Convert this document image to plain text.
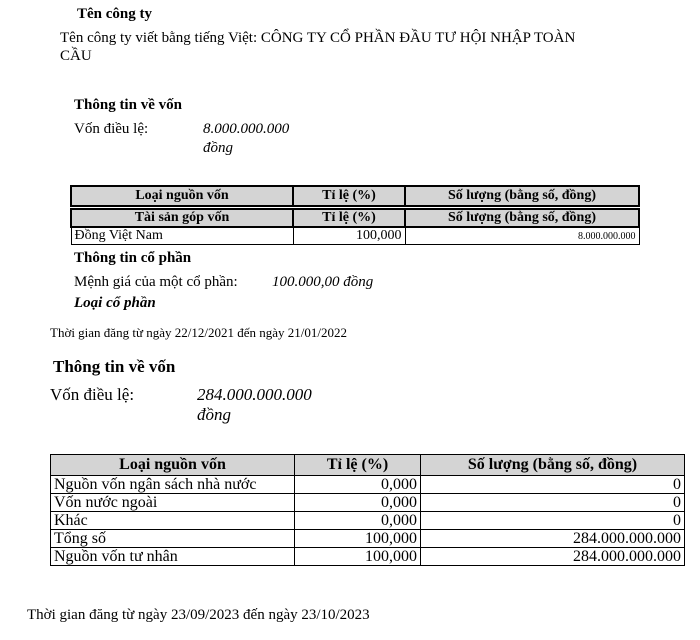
Tên công ty
Tên công ty viết bằng tiếng Việt: CÔNG TY CỔ PHẦN ĐẦU TƯ HỘI NHẬP TOÀN
CẦU
Thông tin về vốn
Vốn điều lệ:	8.000.000.000
đồng
Loại nguồn vốn	Tỉ lệ (%)	Số lượng (bằng số, đồng)
Tài sản góp vốn	Tỉ lệ (%)	Số lượng (bằng số, đồng)
Đồng Việt Nam	100,000	8.000.000.000
Thông tin cổ phần
Mệnh giá của một cổ phần: 100.000,00 đồng
Loại cổ phần
Thời gian đăng từ ngày 22/12/2021 đến ngày 21/01/2022
Thông tin về vốn
Vốn điều lệ:	284.000.000.000
đồng
Loại nguồn vốn	Tỉ lệ (%)	Số lượng (bằng số, đồng)
Nguồn vốn ngân sách nhà nước	0,000	0
Vốn nước ngoài	0,000	0
Khác	0,000	0
Tổng số	100,000	284.000.000.000
Nguồn vốn tư nhân	100,000	284.000.000.000
Thời gian đăng từ ngày 23/09/2023 đến ngày 23/10/2023
